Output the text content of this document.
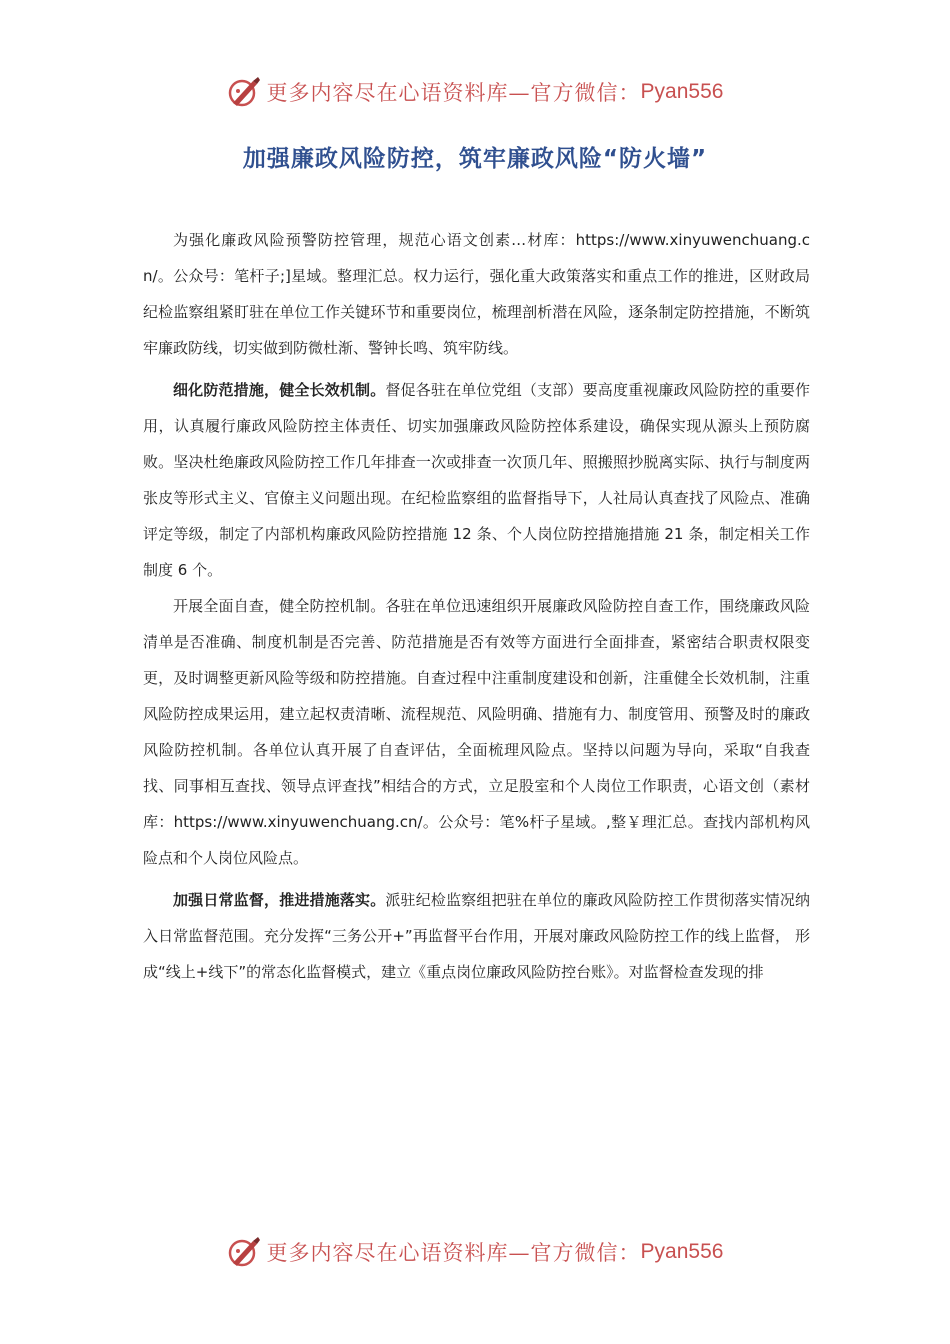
更多内容尽在心语资料库—官方微信： Pyan556
加强廉政风险防控，筑牢廉政风险“防火墙”

为强化廉政风险预警防控管理，规范心语文创素…材库：https://www.xinyuwenchuang.cn/。公众号：笔杆子;]星域。整理汇总。权力运行，强化重大政策落实和重点工作的推进，区财政局纪检监察组紧盯驻在单位工作关键环节和重要岗位，梳理剖析潜在风险，逐条制定防控措施，不断筑牢廉政防线，切实做到防微杜渐、警钟长鸣、筑牢防线。

细化防范措施，健全长效机制。督促各驻在单位党组（支部）要高度重视廉政风险防控的重要作用，认真履行廉政风险防控主体责任、切实加强廉政风险防控体系建设，确保实现从源头上预防腐败。坚决杜绝廉政风险防控工作几年排查一次或排查一次顶几年、照搬照抄脱离实际、执行与制度两张皮等形式主义、官僚主义问题出现。在纪检监察组的监督指导下，人社局认真查找了风险点、准确评定等级，制定了内部机构廉政风险防控措施 12 条、个人岗位防控措施措施 21 条，制定相关工作制度 6 个。

开展全面自查，健全防控机制。各驻在单位迅速组织开展廉政风险防控自查工作，围绕廉政风险清单是否准确、制度机制是否完善、防范措施是否有效等方面进行全面排查，紧密结合职责权限变更，及时调整更新风险等级和防控措施。自查过程中注重制度建设和创新，注重健全长效机制，注重风险防控成果运用，建立起权责清晰、流程规范、风险明确、措施有力、制度管用、预警及时的廉政风险防控机制。各单位认真开展了自查评估，全面梳理风险点。坚持以问题为导向，采取“自我查找、同事相互查找、领导点评查找”相结合的方式，立足股室和个人岗位工作职责，心语文创（素材库：https://www.xinyuwenchuang.cn/。公众号：笔%杆子星域。,整￥理汇总。查找内部机构风险点和个人岗位风险点。

加强日常监督，推进措施落实。派驻纪检监察组把驻在单位的廉政风险防控工作贯彻落实情况纳入日常监督范围。充分发挥“三务公开+”再监督平台作用，开展对廉政风险防控工作的线上监督， 形成“线上+线下”的常态化监督模式，建立《重点岗位廉政风险防控台账》。对监督检查发现的排

更多内容尽在心语资料库—官方微信： Pyan556
